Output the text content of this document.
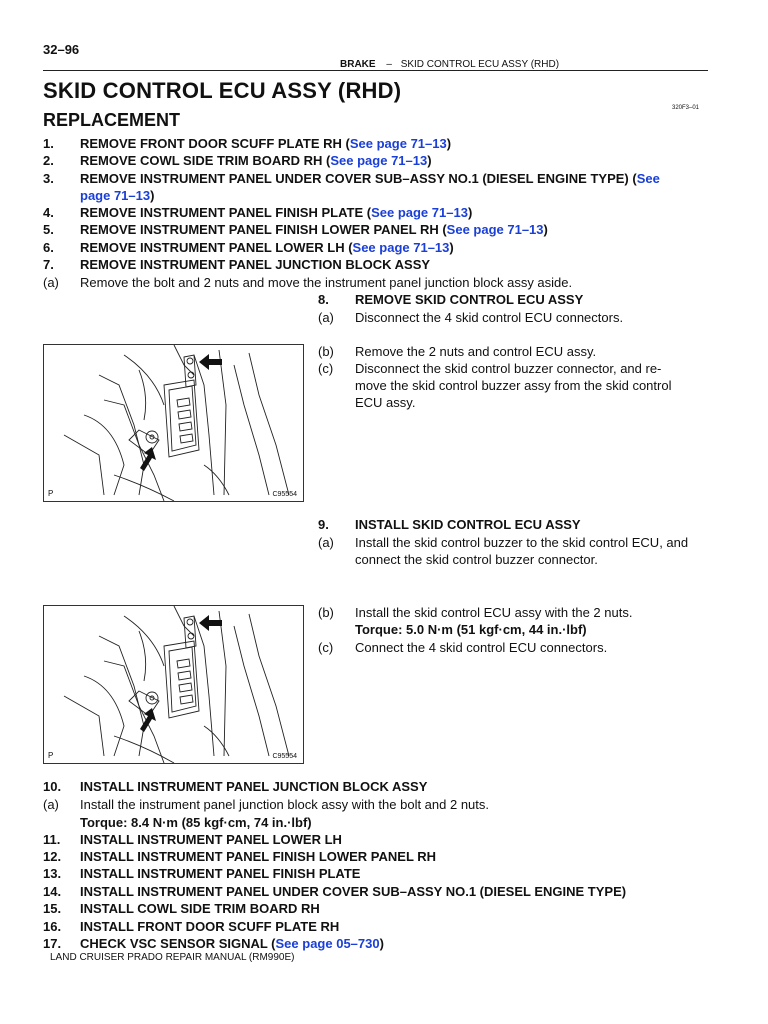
32–96
BRAKE – SKID CONTROL ECU ASSY (RHD)
SKID CONTROL ECU ASSY (RHD)
320F3–01
REPLACEMENT
1. REMOVE FRONT DOOR SCUFF PLATE RH (See page 71–13)
2. REMOVE COWL SIDE TRIM BOARD RH (See page 71–13)
3. REMOVE INSTRUMENT PANEL UNDER COVER SUB–ASSY NO.1 (DIESEL ENGINE TYPE) (See
page 71–13)
4. REMOVE INSTRUMENT PANEL FINISH PLATE (See page 71–13)
5. REMOVE INSTRUMENT PANEL FINISH LOWER PANEL RH (See page 71–13)
6. REMOVE INSTRUMENT PANEL LOWER LH (See page 71–13)
7. REMOVE INSTRUMENT PANEL JUNCTION BLOCK ASSY
(a) Remove the bolt and 2 nuts and move the instrument panel junction block assy aside.
8. REMOVE SKID CONTROL ECU ASSY
(a) Disconnect the 4 skid control ECU connectors.
(b) Remove the 2 nuts and control ECU assy.
(c) Disconnect the skid control buzzer connector, and re-
move the skid control buzzer assy from the skid control
ECU assy.
P	C95554
9. INSTALL SKID CONTROL ECU ASSY
(a) Install the skid control buzzer to the skid control ECU, and
connect the skid control buzzer connector.
(b) Install the skid control ECU assy with the 2 nuts.
Torque: 5.0 N·m (51 kgf·cm, 44 in.·lbf)
(c) Connect the 4 skid control ECU connectors.
P	C95554
10. INSTALL INSTRUMENT PANEL JUNCTION BLOCK ASSY
(a) Install the instrument panel junction block assy with the bolt and 2 nuts.
Torque: 8.4 N·m (85 kgf·cm, 74 in.·lbf)
11. INSTALL INSTRUMENT PANEL LOWER LH
12. INSTALL INSTRUMENT PANEL FINISH LOWER PANEL RH
13. INSTALL INSTRUMENT PANEL FINISH PLATE
14. INSTALL INSTRUMENT PANEL UNDER COVER SUB–ASSY NO.1 (DIESEL ENGINE TYPE)
15. INSTALL COWL SIDE TRIM BOARD RH
16. INSTALL FRONT DOOR SCUFF PLATE RH
17. CHECK VSC SENSOR SIGNAL (See page 05–730)
LAND CRUISER PRADO REPAIR MANUAL (RM990E)
